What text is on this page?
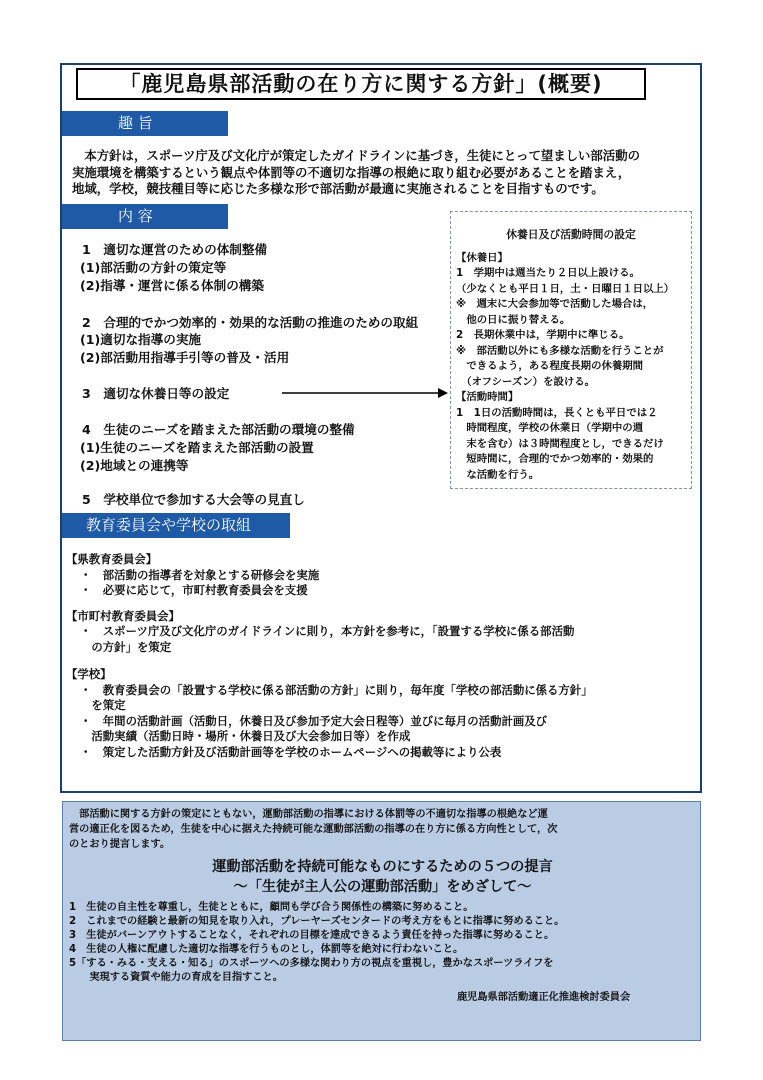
「鹿児島県部活動の在り方に関する方針」(概要)
趣 旨
　本方針は，スポーツ庁及び文化庁が策定したガイドラインに基づき，生徒にとって望ましい部活動の
実施環境を構築するという観点や体罰等の不適切な指導の根絶に取り組む必要があることを踏まえ，
地域，学校，競技種目等に応じた多様な形で部活動が最適に実施されることを目指すものです。
内 容
1　適切な運営のための体制整備
(1)部活動の方針の策定等
(2)指導・運営に係る体制の構築
2　合理的でかつ効率的・効果的な活動の推進のための取組
(1)適切な指導の実施
(2)部活動用指導手引等の普及・活用
3　適切な休養日等の設定
4　生徒のニーズを踏まえた部活動の環境の整備
(1)生徒のニーズを踏まえた部活動の設置
(2)地域との連携等
5　学校単位で参加する大会等の見直し
休養日及び活動時間の設定
【休養日】
1　学期中は週当たり２日以上設ける。
（少なくとも平日１日，土・日曜日１日以上）
※　週末に大会参加等で活動した場合は，
　他の日に振り替える。
2　長期休業中は，学期中に準じる。
※　部活動以外にも多様な活動を行うことが
　できるよう，ある程度長期の休養期間
　（オフシーズン）を設ける。
【活動時間】
1　1日の活動時間は，長くとも平日では２
　時間程度，学校の休業日（学期中の週
　末を含む）は３時間程度とし，できるだけ
　短時間に，合理的でかつ効率的・効果的
　な活動を行う。
教育委員会や学校の取組
【県教育委員会】
・　部活動の指導者を対象とする研修会を実施
・　必要に応じて，市町村教育委員会を支援
【市町村教育委員会】
・　スポーツ庁及び文化庁のガイドラインに則り，本方針を参考に，「設置する学校に係る部活動
　の方針」を策定
【学校】
・　教育委員会の「設置する学校に係る部活動の方針」に則り，毎年度「学校の部活動に係る方針」
　を策定
・　年間の活動計画（活動日，休養日及び参加予定大会日程等）並びに毎月の活動計画及び
　活動実績（活動日時・場所・休養日及び大会参加日等）を作成
・　策定した活動方針及び活動計画等を学校のホームページへの掲載等により公表
　部活動に関する方針の策定にともない，運動部活動の指導における体罰等の不適切な指導の根絶など運
営の適正化を図るため，生徒を中心に据えた持続可能な運動部活動の指導の在り方に係る方向性として，次
のとおり提言します。
運動部活動を持続可能なものにするための５つの提言
〜「生徒が主人公の運動部活動」をめざして〜
1　生徒の自主性を尊重し，生徒とともに，顧問も学び合う関係性の構築に努めること。
2　これまでの経験と最新の知見を取り入れ，プレーヤーズセンタードの考え方をもとに指導に努めること。
3　生徒がバーンアウトすることなく，それぞれの目標を達成できるよう責任を持った指導に努めること。
4　生徒の人権に配慮した適切な指導を行うものとし，体罰等を絶対に行わないこと。
5「する・みる・支える・知る」のスポーツへの多様な関わり方の視点を重視し，豊かなスポーツライフを
　　実現する資質や能力の育成を目指すこと。
鹿児島県部活動適正化推進検討委員会
